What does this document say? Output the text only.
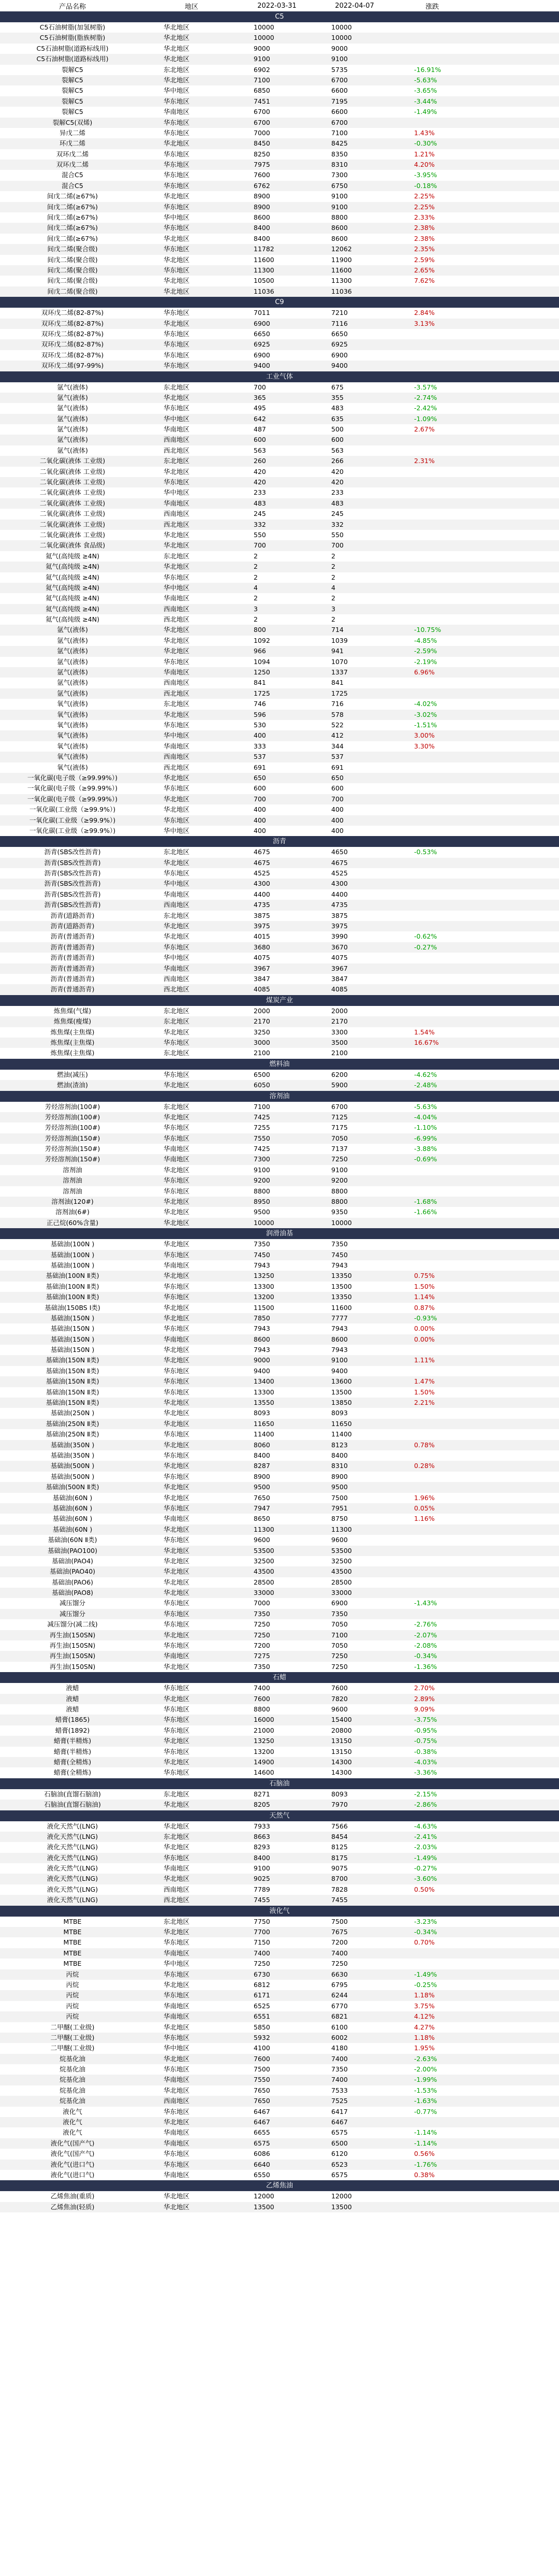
产品名称	地区	2022-03-31	2022-04-07	涨跌
C5
C5石油树脂(加氢树脂)	华北地区	10000	10000
C5石油树脂(脂族树脂)	华北地区	10000	10000
C5石油树脂(道路标线用)	华北地区	9000	9000
C5石油树脂(道路标线用)	华北地区	9100	9100
裂解C5	东北地区	6902	5735	-16.91%
裂解C5	华北地区	7100	6700	-5.63%
裂解C5	华中地区	6850	6600	-3.65%
裂解C5	华东地区	7451	7195	-3.44%
裂解C5	华南地区	6700	6600	-1.49%
裂解C5(双烯)	华东地区	6700	6700
异戊二烯	华东地区	7000	7100	1.43%
环戊二烯	华北地区	8450	8425	-0.30%
双环戊二烯	华东地区	8250	8350	1.21%
双环戊二烯	华东地区	7975	8310	4.20%
混合C5	华东地区	7600	7300	-3.95%
混合C5	华东地区	6762	6750	-0.18%
间戊二烯(≥67%)	华北地区	8900	9100	2.25%
间戊二烯(≥67%)	华东地区	8900	9100	2.25%
间戊二烯(≥67%)	华中地区	8600	8800	2.33%
间戊二烯(≥67%)	华东地区	8400	8600	2.38%
间戊二烯(≥67%)	华北地区	8400	8600	2.38%
间戊二烯(聚合级)	华东地区	11782	12062	2.35%
间戊二烯(聚合级)	华北地区	11600	11900	2.59%
间戊二烯(聚合级)	华东地区	11300	11600	2.65%
间戊二烯(聚合级)	华北地区	10500	11300	7.62%
间戊二烯(聚合级)	华北地区	11036	11036
C9
双环戊二烯(82-87%)	华东地区	7011	7210	2.84%
双环戊二烯(82-87%)	华北地区	6900	7116	3.13%
双环戊二烯(82-87%)	华东地区	6650	6650
双环戊二烯(82-87%)	华东地区	6925	6925
双环戊二烯(82-87%)	华东地区	6900	6900
双环戊二烯(97-99%)	华东地区	9400	9400
工业气体
氩气(液体)	东北地区	700	675	-3.57%
氩气(液体)	华北地区	365	355	-2.74%
氩气(液体)	华东地区	495	483	-2.42%
氩气(液体)	华中地区	642	635	-1.09%
氩气(液体)	华南地区	487	500	2.67%
氩气(液体)	西南地区	600	600
氩气(液体)	西北地区	563	563
二氧化碳(液体 工业级)	东北地区	260	266	2.31%
二氧化碳(液体 工业级)	华北地区	420	420
二氧化碳(液体 工业级)	华东地区	420	420
二氧化碳(液体 工业级)	华中地区	233	233
二氧化碳(液体 工业级)	华南地区	483	483
二氧化碳(液体 工业级)	西南地区	245	245
二氧化碳(液体 工业级)	西北地区	332	332
二氧化碳(液体 工业级)	华北地区	550	550
二氧化碳(液体 食品级)	华北地区	700	700
氦气(高纯级 ≥4N)	东北地区	2	2
氦气(高纯级 ≥4N)	华北地区	2	2
氦气(高纯级 ≥4N)	华东地区	2	2
氦气(高纯级 ≥4N)	华中地区	4	4
氦气(高纯级 ≥4N)	华南地区	2	2
氦气(高纯级 ≥4N)	西南地区	3	3
氦气(高纯级 ≥4N)	西北地区	2	2
氩气(液体)	华北地区	800	714	-10.75%
氩气(液体)	华北地区	1092	1039	-4.85%
氩气(液体)	华北地区	966	941	-2.59%
氩气(液体)	华东地区	1094	1070	-2.19%
氩气(液体)	华南地区	1250	1337	6.96%
氩气(液体)	西南地区	841	841
氩气(液体)	西北地区	1725	1725
氧气(液体)	东北地区	746	716	-4.02%
氧气(液体)	华北地区	596	578	-3.02%
氧气(液体)	华东地区	530	522	-1.51%
氧气(液体)	华中地区	400	412	3.00%
氧气(液体)	华南地区	333	344	3.30%
氧气(液体)	西南地区	537	537
氧气(液体)	西北地区	691	691
一氧化碳(电子级（≥99.99%）)	华北地区	650	650
一氧化碳(电子级（≥99.99%）)	华东地区	600	600
一氧化碳(电子级（≥99.99%）)	华北地区	700	700
一氧化碳(工业级（≥99.9%）)	华北地区	400	400
一氧化碳(工业级（≥99.9%）)	华东地区	400	400
一氧化碳(工业级（≥99.9%）)	华中地区	400	400
沥青
沥青(SBS改性沥青)	东北地区	4675	4650	-0.53%
沥青(SBS改性沥青)	华北地区	4675	4675
沥青(SBS改性沥青)	华东地区	4525	4525
沥青(SBS改性沥青)	华中地区	4300	4300
沥青(SBS改性沥青)	华南地区	4400	4400
沥青(SBS改性沥青)	西南地区	4735	4735
沥青(道路沥青)	东北地区	3875	3875
沥青(道路沥青)	华北地区	3975	3975
沥青(普通沥青)	华北地区	4015	3990	-0.62%
沥青(普通沥青)	华东地区	3680	3670	-0.27%
沥青(普通沥青)	华中地区	4075	4075
沥青(普通沥青)	华南地区	3967	3967
沥青(普通沥青)	西南地区	3847	3847
沥青(普通沥青)	西北地区	4085	4085
煤炭产业
炼焦煤(气煤)	东北地区	2000	2000
炼焦煤(瘦煤)	东北地区	2170	2170
炼焦煤(主焦煤)	华北地区	3250	3300	1.54%
炼焦煤(主焦煤)	华东地区	3000	3500	16.67%
炼焦煤(主焦煤)	东北地区	2100	2100
燃料油
燃油(减压)	华东地区	6500	6200	-4.62%
燃油(渣油)	华北地区	6050	5900	-2.48%
溶剂油
芳烃溶剂油(100#)	东北地区	7100	6700	-5.63%
芳烃溶剂油(100#)	华北地区	7425	7125	-4.04%
芳烃溶剂油(100#)	华东地区	7255	7175	-1.10%
芳烃溶剂油(150#)	华东地区	7550	7050	-6.99%
芳烃溶剂油(150#)	华南地区	7425	7137	-3.88%
芳烃溶剂油(150#)	华南地区	7300	7250	-0.69%
溶剂油	华北地区	9100	9100
溶剂油	华东地区	9200	9200
溶剂油	华东地区	8800	8800
溶剂油(120#)	华北地区	8950	8800	-1.68%
溶剂油(6#)	华北地区	9500	9350	-1.66%
正己烷(60%含量)	华北地区	10000	10000
润滑油基
基础油(100N )	华北地区	7350	7350
基础油(100N )	华东地区	7450	7450
基础油(100N )	华南地区	7943	7943
基础油(100N Ⅱ类)	华北地区	13250	13350	0.75%
基础油(100N Ⅱ类)	华东地区	13300	13500	1.50%
基础油(100N Ⅱ类)	华东地区	13200	13350	1.14%
基础油(150BS Ⅰ类)	华北地区	11500	11600	0.87%
基础油(150N )	华北地区	7850	7777	-0.93%
基础油(150N )	华东地区	7943	7943	0.00%
基础油(150N )	华南地区	8600	8600	0.00%
基础油(150N )	华北地区	7943	7943
基础油(150N Ⅱ类)	华北地区	9000	9100	1.11%
基础油(150N Ⅱ类)	华东地区	9400	9400
基础油(150N Ⅱ类)	华东地区	13400	13600	1.47%
基础油(150N Ⅱ类)	华东地区	13300	13500	1.50%
基础油(150N Ⅱ类)	华北地区	13550	13850	2.21%
基础油(250N )	华北地区	8093	8093
基础油(250N Ⅱ类)	华北地区	11650	11650
基础油(250N Ⅱ类)	华东地区	11400	11400
基础油(350N )	华北地区	8060	8123	0.78%
基础油(350N )	华东地区	8400	8400
基础油(500N )	华北地区	8287	8310	0.28%
基础油(500N )	华东地区	8900	8900
基础油(500N Ⅱ类)	华北地区	9500	9500
基础油(60N )	华北地区	7650	7500	1.96%
基础油(60N )	华东地区	7947	7951	0.05%
基础油(60N )	华南地区	8650	8750	1.16%
基础油(60N )	华北地区	11300	11300
基础油(60N Ⅱ类)	华东地区	9600	9600
基础油(PAO100)	华北地区	53500	53500
基础油(PAO4)	华北地区	32500	32500
基础油(PAO40)	华北地区	43500	43500
基础油(PAO6)	华北地区	28500	28500
基础油(PAO8)	华北地区	33000	33000
减压馏分	华东地区	7000	6900	-1.43%
减压馏分	华东地区	7350	7350
减压馏分(减二线)	华东地区	7250	7050	-2.76%
再生油(150SN)	华北地区	7250	7100	-2.07%
再生油(150SN)	华东地区	7200	7050	-2.08%
再生油(150SN)	华南地区	7275	7250	-0.34%
再生油(150SN)	华北地区	7350	7250	-1.36%
石蜡
液蜡	华东地区	7400	7600	2.70%
液蜡	华北地区	7600	7820	2.89%
液蜡	华东地区	8800	9600	9.09%
蜡膏(1865)	华东地区	16000	15400	-3.75%
蜡膏(1892)	华东地区	21000	20800	-0.95%
蜡膏(半精炼)	华北地区	13250	13150	-0.75%
蜡膏(半精炼)	华东地区	13200	13150	-0.38%
蜡膏(全精炼)	华北地区	14900	14300	-4.03%
蜡膏(全精炼)	华东地区	14600	14300	-3.36%
石脑油
石脑油(直馏石脑油)	东北地区	8271	8093	-2.15%
石脑油(直馏石脑油)	华北地区	8205	7970	-2.86%
天然气
液化天然气(LNG)	华北地区	7933	7566	-4.63%
液化天然气(LNG)	东北地区	8663	8454	-2.41%
液化天然气(LNG)	华北地区	8293	8125	-2.03%
液化天然气(LNG)	华东地区	8400	8175	-1.49%
液化天然气(LNG)	华南地区	9100	9075	-0.27%
液化天然气(LNG)	华北地区	9025	8700	-3.60%
液化天然气(LNG)	西南地区	7789	7828	0.50%
液化天然气(LNG)	西北地区	7455	7455
液化气
MTBE	东北地区	7750	7500	-3.23%
MTBE	华北地区	7700	7675	-0.34%
MTBE	华东地区	7150	7200	0.70%
MTBE	华南地区	7400	7400
MTBE	华中地区	7250	7250
丙烷	华东地区	6730	6630	-1.49%
丙烷	华北地区	6812	6795	-0.25%
丙烷	华东地区	6171	6244	1.18%
丙烷	华南地区	6525	6770	3.75%
丙烷	华南地区	6551	6821	4.12%
二甲醚(工业级)	华北地区	5850	6100	4.27%
二甲醚(工业级)	华东地区	5932	6002	1.18%
二甲醚(工业级)	华中地区	4100	4180	1.95%
烷基化油	华北地区	7600	7400	-2.63%
烷基化油	华东地区	7500	7350	-2.00%
烷基化油	华南地区	7550	7400	-1.99%
烷基化油	华北地区	7650	7533	-1.53%
烷基化油	西南地区	7650	7525	-1.63%
液化气	华东地区	6467	6417	-0.77%
液化气	华北地区	6467	6467
液化气	华南地区	6655	6575	-1.14%
液化气(国产气)	华南地区	6575	6500	-1.14%
液化气(国产气)	华东地区	6086	6120	0.56%
液化气(进口气)	华东地区	6640	6523	-1.76%
液化气(进口气)	华南地区	6550	6575	0.38%
乙烯焦油
乙烯焦油(重质)	华北地区	12000	12000
乙烯焦油(轻质)	华北地区	13500	13500
